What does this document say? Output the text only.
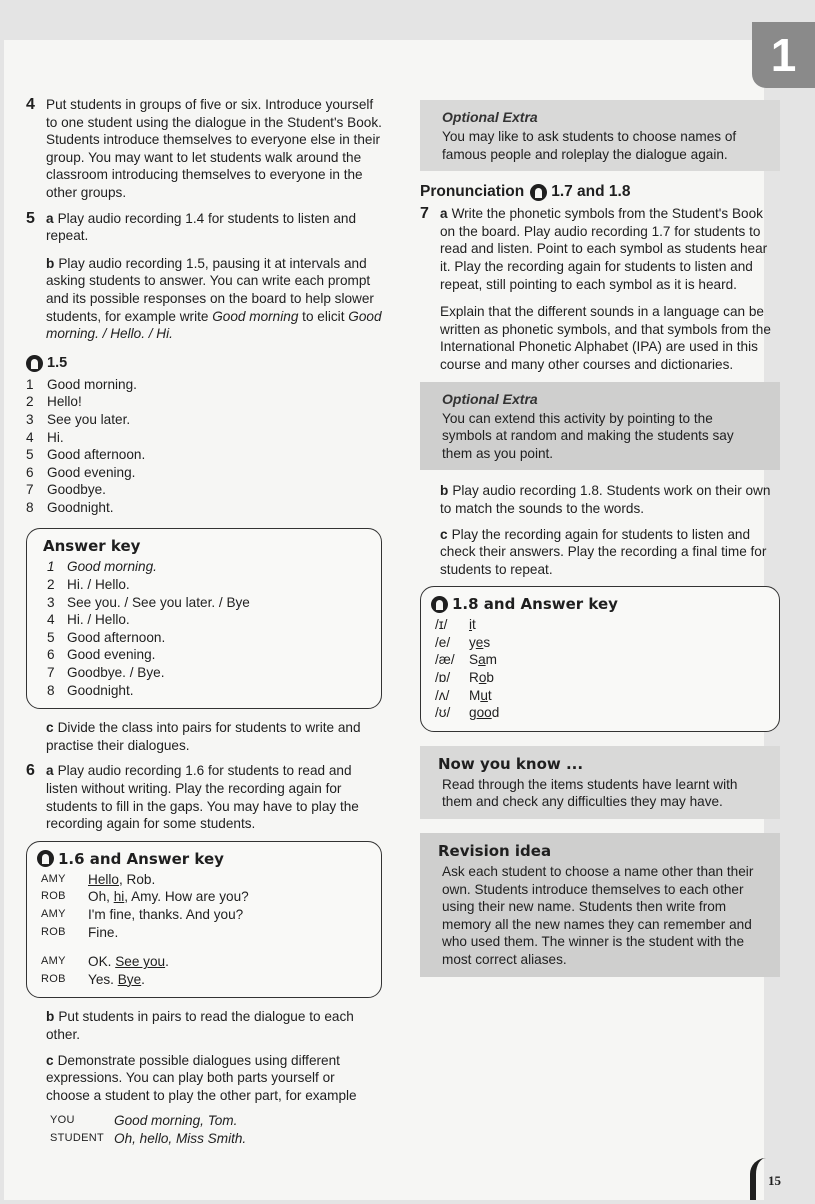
1
4 Put students in groups of five or six. Introduce yourself to one student using the dialogue in the Student's Book. Students introduce themselves to everyone else in their group. You may want to let students walk around the classroom introducing themselves to everyone in the other groups.

5 a Play audio recording 1.4 for students to listen and repeat.

b Play audio recording 1.5, pausing it at intervals and asking students to answer. You can write each prompt and its possible responses on the board to help slower students, for example write Good morning to elicit Good morning. / Hello. / Hi.

1.5
1 Good morning.
2 Hello!
3 See you later.
4 Hi.
5 Good afternoon.
6 Good evening.
7 Goodbye.
8 Goodnight.
Answer key
1 Good morning.
2 Hi. / Hello.
3 See you. / See you later. / Bye
4 Hi. / Hello.
5 Good afternoon.
6 Good evening.
7 Goodbye. / Bye.
8 Goodnight.

c Divide the class into pairs for students to write and practise their dialogues.

6 a Play audio recording 1.6 for students to read and listen without writing. Play the recording again for students to fill in the gaps. You may have to play the recording again for some students.

1.6 and Answer key
AMY	Hello, Rob.
ROB	Oh, hi, Amy. How are you?
AMY	I'm fine, thanks. And you?
ROB	Fine.
AMY	OK. See you.
ROB	Yes. Bye.

b Put students in pairs to read the dialogue to each other.

c Demonstrate possible dialogues using different expressions. You can play both parts yourself or choose a student to play the other part, for example

YOU	Good morning, Tom.
STUDENT Oh, hello, Miss Smith.
Optional Extra

You may like to ask students to choose names of famous people and roleplay the dialogue again.

Pronunciation 1.7 and 1.8
7 a Write the phonetic symbols from the Student's Book on the board. Play audio recording 1.7 for students to read and listen. Point to each symbol as students hear it. Play the recording again for students to listen and repeat, still pointing to each symbol as it is heard.

Explain that the different sounds in a language can be written as phonetic symbols, and that symbols from the International Phonetic Alphabet (IPA) are used in this course and many other courses and dictionaries.

Optional Extra

You can extend this activity by pointing to the symbols at random and making the students say them as you point.

b Play audio recording 1.8. Students work on their own to match the sounds to the words.

c Play the recording again for students to listen and check their answers. Play the recording a final time for students to repeat.

1.8 and Answer key
/ɪ/	it
/e/	yes
/æ/	Sam
/ɒ/	Rob
/ʌ/	Mut
/ʊ/	good
Now you know ...

Read through the items students have learnt with them and check any difficulties they may have.

Revision idea

Ask each student to choose a name other than their own. Students introduce themselves to each other using their new name. Students then write from memory all the new names they can remember and who used them. The winner is the student with the most correct aliases.

15
